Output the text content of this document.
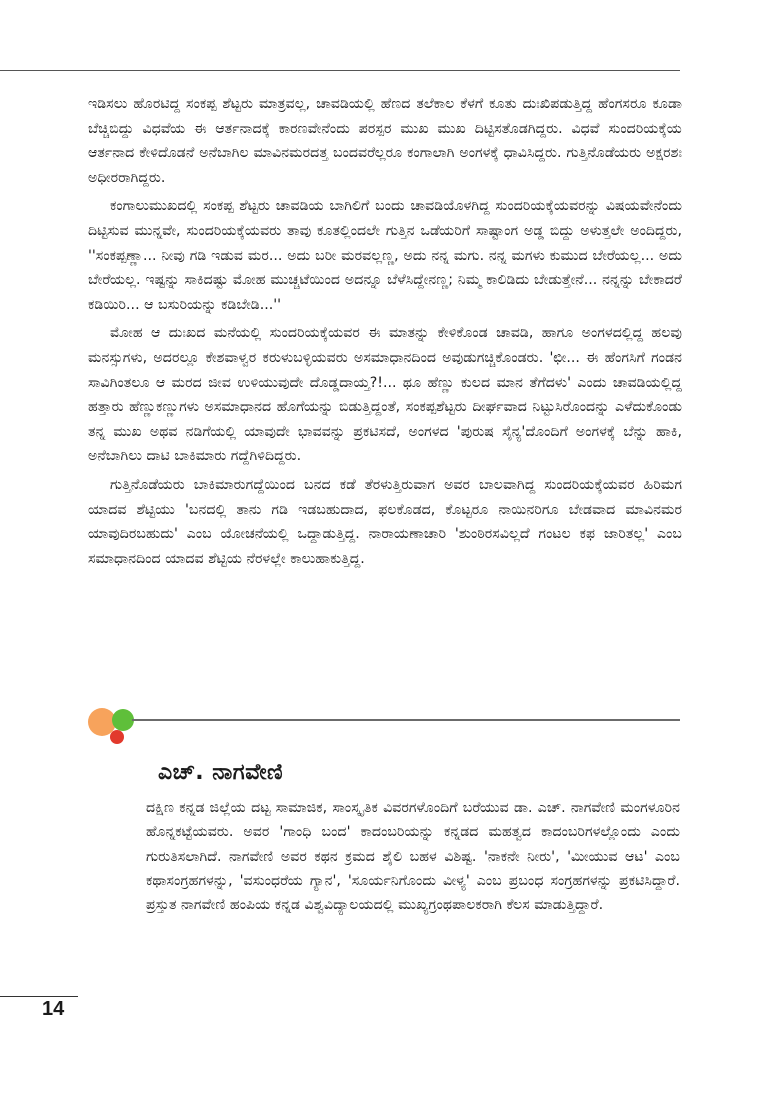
ಇಡಿಸಲು ಹೊರಟಿದ್ದ ಸಂಕಪ್ಪ ಶೆಟ್ಟರು ಮಾತ್ರವಲ್ಲ, ಚಾವಡಿಯಲ್ಲಿ ಹೆಣದ ತಲೆಕಾಲ ಕೆಳಗೆ ಕೂತು ದುಃಖಿಪಡುತ್ತಿದ್ದ ಹೆಂಗಸರೂ ಕೂಡಾ ಬೆಚ್ಚಿಬಿದ್ದು ವಿಧವೆಯ ಈ ಆರ್ತನಾದಕ್ಕೆ ಕಾರಣವೇನೆಂದು ಪರಸ್ಪರ ಮುಖ ಮುಖ ದಿಟ್ಟಿಸತೊಡಗಿದ್ದರು. ವಿಧವೆ ಸುಂದರಿಯಕ್ಕೆಯ ಆರ್ತನಾದ ಕೇಳಿದೊಡನೆ ಅನೆಬಾಗಿಲ ಮಾವಿನಮರದತ್ತ ಬಂದವರೆಲ್ಲರೂ ಕಂಗಾಲಾಗಿ ಅಂಗಳಕ್ಕೆ ಧಾವಿಸಿದ್ದರು. ಗುತ್ತಿನೊಡೆಯರು ಅಕ್ಷರಶಃ ಅಧೀರರಾಗಿದ್ದರು.

ಕಂಗಾಲುಮುಖದಲ್ಲಿ ಸಂಕಪ್ಪ ಶೆಟ್ಟರು ಚಾವಡಿಯ ಬಾಗಿಲಿಗೆ ಬಂದು ಚಾವಡಿಯೊಳಗಿದ್ದ ಸುಂದರಿಯಕ್ಕೆಯವರನ್ನು ವಿಷಯವೇನೆಂದು ದಿಟ್ಟಿಸುವ ಮುನ್ನವೇ, ಸುಂದರಿಯಕ್ಕೆಯವರು ತಾವು ಕೂತಲ್ಲಿಂದಲೇ ಗುತ್ತಿನ ಒಡೆಯರಿಗೆ ಸಾಷ್ಟಾಂಗ ಅಡ್ಡ ಬಿದ್ದು ಅಳುತ್ತಲೇ ಅಂದಿದ್ದರು, ''ಸಂಕಪ್ಪಣ್ಣಾ... ನೀವು ಗಡಿ ಇಡುವ ಮರ... ಅದು ಬರೀ ಮರವಲ್ಲಣ್ಣ, ಅದು ನನ್ನ ಮಗು. ನನ್ನ ಮಗಳು ಕುಮುದ ಬೇರೆಯಲ್ಲ... ಅದು ಬೇರೆಯಲ್ಲ. ಇಷ್ಟನ್ನು ಸಾಕಿದಷ್ಟು ಮೋಹ ಮುಚ್ಚಟೆಯಿಂದ ಅದನ್ನೂ ಬೆಳೆಸಿದ್ದೇನಣ್ಣ; ನಿಮ್ಮ ಕಾಲಿಡಿದು ಬೇಡುತ್ತೇನೆ... ನನ್ನನ್ನು ಬೇಕಾದರೆ ಕಡಿಯಿರಿ... ಆ ಬಸುರಿಯನ್ನು ಕಡಿಬೇಡಿ...''

ಮೋಹ ಆ ದುಃಖದ ಮನೆಯಲ್ಲಿ ಸುಂದರಿಯಕ್ಕೆಯವರ ಈ ಮಾತನ್ನು ಕೇಳಿಕೊಂಡ ಚಾವಡಿ, ಹಾಗೂ ಅಂಗಳದಲ್ಲಿದ್ದ ಹಲವು ಮನಸ್ಸುಗಳು, ಅದರಲ್ಲೂ ಕೇಶವಾಳ್ವರ ಕರುಳುಬಳ್ಳಿಯವರು ಅಸಮಾಧಾನದಿಂದ ಅವುಡುಗಚ್ಚಿಕೊಂಡರು. 'ಛೀ... ಈ ಹೆಂಗಸಿಗೆ ಗಂಡನ ಸಾವಿಗಿಂತಲೂ ಆ ಮರದ ಜೀವ ಉಳಿಯುವುದೇ ದೊಡ್ಡದಾಯ್ತ?!... ಥೂ ಹೆಣ್ಣು ಕುಲದ ಮಾನ ತೆಗೆದಳು' ಎಂದು ಚಾವಡಿಯಲ್ಲಿದ್ದ ಹತ್ತಾರು ಹೆಣ್ಣುಕಣ್ಣುಗಳು ಅಸಮಾಧಾನದ ಹೊಗೆಯನ್ನು ಬಿಡುತ್ತಿದ್ದಂತೆ, ಸಂಕಪ್ಪಶೆಟ್ಟರು ದೀರ್ಘವಾದ ನಿಟ್ಟುಸಿರೊಂದನ್ನು ಎಳೆದುಕೊಂಡು ತನ್ನ ಮುಖ ಅಥವ ನಡಿಗೆಯಲ್ಲಿ ಯಾವುದೇ ಭಾವವನ್ನು ಪ್ರಕಟಿಸದೆ, ಅಂಗಳದ 'ಪುರುಷ ಸೈನ್ಯ'ದೊಂದಿಗೆ ಅಂಗಳಕ್ಕೆ ಬೆನ್ನು ಹಾಕಿ, ಅನೆಬಾಗಿಲು ದಾಟಿ ಬಾಕಿಮಾರು ಗದ್ದೆಗಿಳಿದಿದ್ದರು.

ಗುತ್ತಿನೊಡೆಯರು ಬಾಕಿಮಾರುಗದ್ದೆಯಿಂದ ಬನದ ಕಡೆ ತೆರಳುತ್ತಿರುವಾಗ ಅವರ ಬಾಲವಾಗಿದ್ದ ಸುಂದರಿಯಕ್ಕೆಯವರ ಹಿರಿಮಗ ಯಾದವ ಶೆಟ್ಟಿಯು 'ಬನದಲ್ಲಿ ತಾನು ಗಡಿ ಇಡಬಹುದಾದ, ಫಲಕೊಡದ, ಕೊಟ್ಟರೂ ನಾಯಿನರಿಗೂ ಬೇಡವಾದ ಮಾವಿನಮರ ಯಾವುದಿರಬಹುದು' ಎಂಬ ಯೋಚನೆಯಲ್ಲಿ ಒದ್ದಾಡುತ್ತಿದ್ದ. ನಾರಾಯಣಾಚಾರಿ 'ಶುಂಠಿರಸವಿಲ್ಲದೆ ಗಂಟಲ ಕಫ ಜಾರಿತಲ್ಲ' ಎಂಬ ಸಮಾಧಾನದಿಂದ ಯಾದವ ಶೆಟ್ಟಿಯ ನೆರಳಲ್ಲೇ ಕಾಲುಹಾಕುತ್ತಿದ್ದ.

ಎಚ್. ನಾಗವೇಣಿ
ದಕ್ಷಿಣ ಕನ್ನಡ ಜಿಲ್ಲೆಯ ದಟ್ಟ ಸಾಮಾಜಿಕ, ಸಾಂಸ್ಕೃತಿಕ ವಿವರಗಳೊಂದಿಗೆ ಬರೆಯುವ ಡಾ. ಎಚ್. ನಾಗವೇಣಿ ಮಂಗಳೂರಿನ ಹೊನ್ನಕಟ್ಟೆಯವರು. ಅವರ 'ಗಾಂಧಿ ಬಂದ' ಕಾದಂಬರಿಯನ್ನು ಕನ್ನಡದ ಮಹತ್ವದ ಕಾದಂಬರಿಗಳಲ್ಲೊಂದು ಎಂದು ಗುರುತಿಸಲಾಗಿದೆ. ನಾಗವೇಣಿ ಅವರ ಕಥನ ಕ್ರಮದ ಶೈಲಿ ಬಹಳ ವಿಶಿಷ್ಟ. 'ನಾಕನೇ ನೀರು', 'ಮೀಯುವ ಆಟ' ಎಂಬ ಕಥಾಸಂಗ್ರಹಗಳನ್ನು, 'ವಸುಂಧರೆಯ ಗ್ಯಾನ', 'ಸೂರ್ಯನಿಗೊಂದು ವೀಳ್ಯ' ಎಂಬ ಪ್ರಬಂಧ ಸಂಗ್ರಹಗಳನ್ನು ಪ್ರಕಟಿಸಿದ್ದಾರೆ. ಪ್ರಸ್ತುತ ನಾಗವೇಣಿ ಹಂಪಿಯ ಕನ್ನಡ ವಿಶ್ವವಿದ್ಯಾಲಯದಲ್ಲಿ ಮುಖ್ಯಗ್ರಂಥಪಾಲಕರಾಗಿ ಕೆಲಸ ಮಾಡುತ್ತಿದ್ದಾರೆ.
14
